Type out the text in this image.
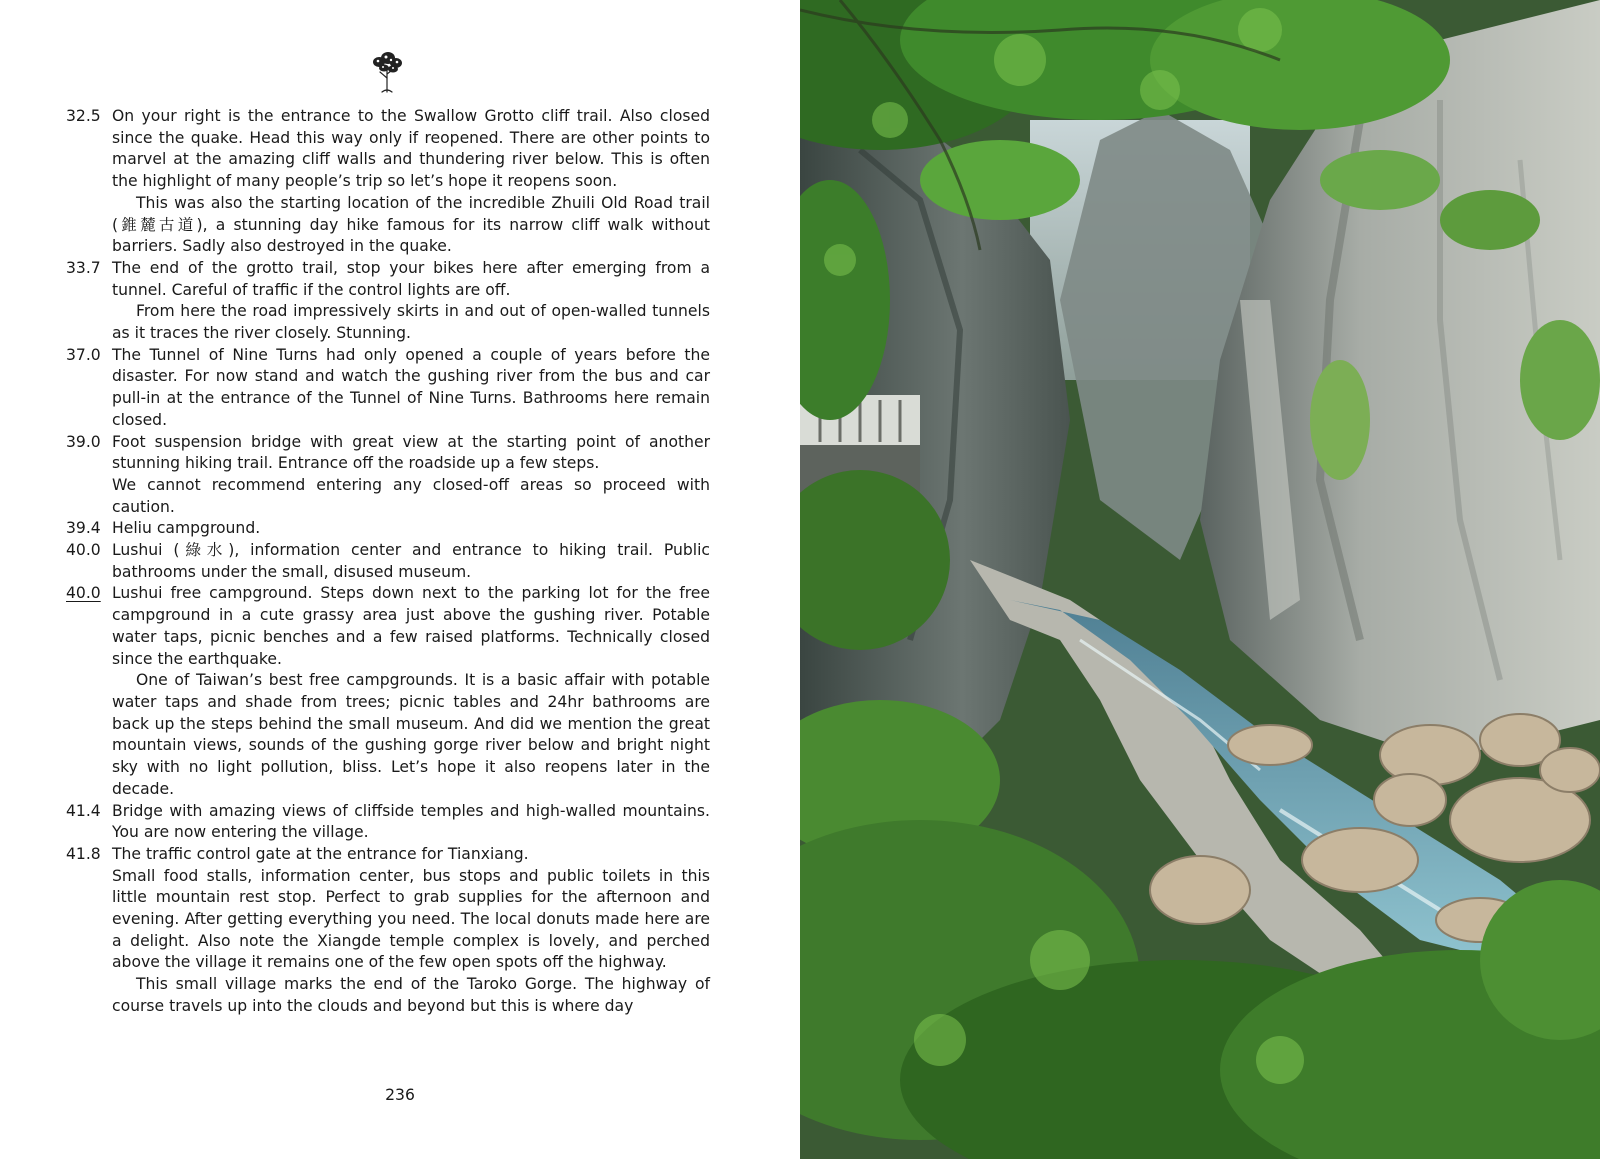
32.5 On your right is the entrance to the Swallow Grotto cliff trail. Also closed since the quake. Head this way only if reopened. There are other points to marvel at the amazing cliff walls and thundering river below. This is often the highlight of many people’s trip so let’s hope it reopens soon.

This was also the starting location of the incredible Zhuili Old Road trail (錐麓古道), a stunning day hike famous for its narrow cliff walk without barriers. Sadly also destroyed in the quake.

33.7 The end of the grotto trail, stop your bikes here after emerging from a tunnel. Careful of traffic if the control lights are off.

From here the road impressively skirts in and out of open-walled tunnels as it traces the river closely. Stunning.

37.0 The Tunnel of Nine Turns had only opened a couple of years before the disaster. For now stand and watch the gushing river from the bus and car pull-in at the entrance of the Tunnel of Nine Turns. Bathrooms here remain closed.

39.0 Foot suspension bridge with great view at the starting point of another stunning hiking trail. Entrance off the roadside up a few steps.

We cannot recommend entering any closed-off areas so proceed with caution.

39.4 Heliu campground.

40.0 Lushui (綠水), information center and entrance to hiking trail. Public bathrooms under the small, disused museum.

40.0 Lushui free campground. Steps down next to the parking lot for the free campground in a cute grassy area just above the gushing river. Potable water taps, picnic benches and a few raised platforms. Technically closed since the earthquake.

One of Taiwan’s best free campgrounds. It is a basic affair with potable water taps and shade from trees; picnic tables and 24hr bathrooms are back up the steps behind the small museum. And did we mention the great mountain views, sounds of the gushing gorge river below and bright night sky with no light pollution, bliss. Let’s hope it also reopens later in the decade.

41.4 Bridge with amazing views of cliffside temples and high-walled mountains. You are now entering the village.

41.8 The traffic control gate at the entrance for Tianxiang.

Small food stalls, information center, bus stops and public toilets in this little mountain rest stop. Perfect to grab supplies for the afternoon and evening. After getting everything you need. The local donuts made here are a delight. Also note the Xiangde temple complex is lovely, and perched above the village it remains one of the few open spots off the highway.

This small village marks the end of the Taroko Gorge. The highway of course travels up into the clouds and beyond but this is where day

236
